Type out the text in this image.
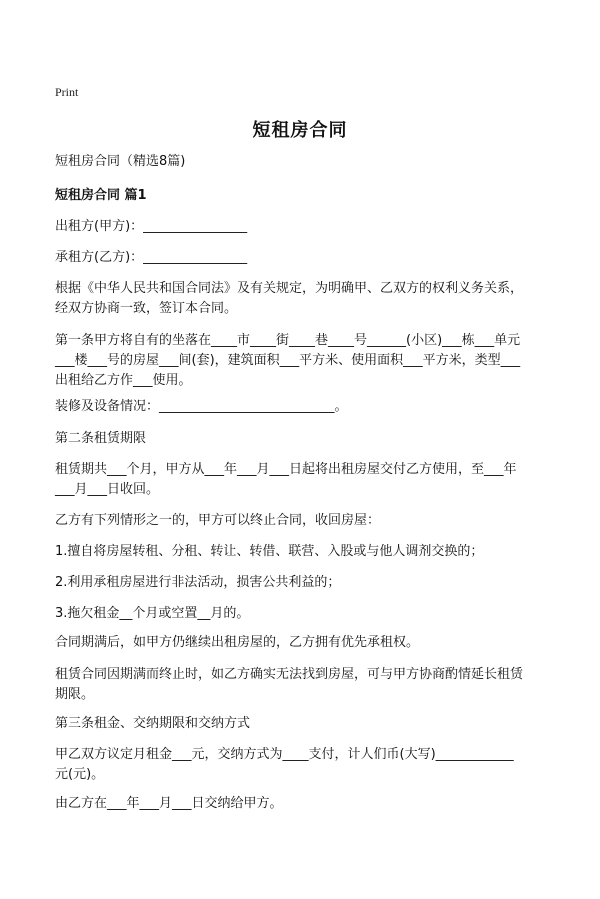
Print
短租房合同
短租房合同（精选8篇)
短租房合同 篇1
出租方(甲方)：________________
承租方(乙方)：________________
根据《中华人民共和国合同法》及有关规定，为明确甲、乙双方的权利义务关系，
经双方协商一致，签订本合同。
第一条甲方将自有的坐落在____市____街____巷____号______(小区)___栋___单元
___楼___号的房屋___间(套)，建筑面积___平方米、使用面积___平方米，类型___
出租给乙方作___使用。
装修及设备情况：___________________________。
第二条租赁期限
租赁期共___个月，甲方从___年___月___日起将出租房屋交付乙方使用，至___年
___月___日收回。
乙方有下列情形之一的，甲方可以终止合同，收回房屋：
1.擅自将房屋转租、分租、转让、转借、联营、入股或与他人调剂交换的；
2.利用承租房屋进行非法活动，损害公共利益的；
3.拖欠租金__个月或空置__月的。
合同期满后，如甲方仍继续出租房屋的，乙方拥有优先承租权。
租赁合同因期满而终止时，如乙方确实无法找到房屋，可与甲方协商酌情延长租赁
期限。
第三条租金、交纳期限和交纳方式
甲乙双方议定月租金___元，交纳方式为____支付，计人们币(大写)____________
元(元)。
由乙方在___年___月___日交纳给甲方。
